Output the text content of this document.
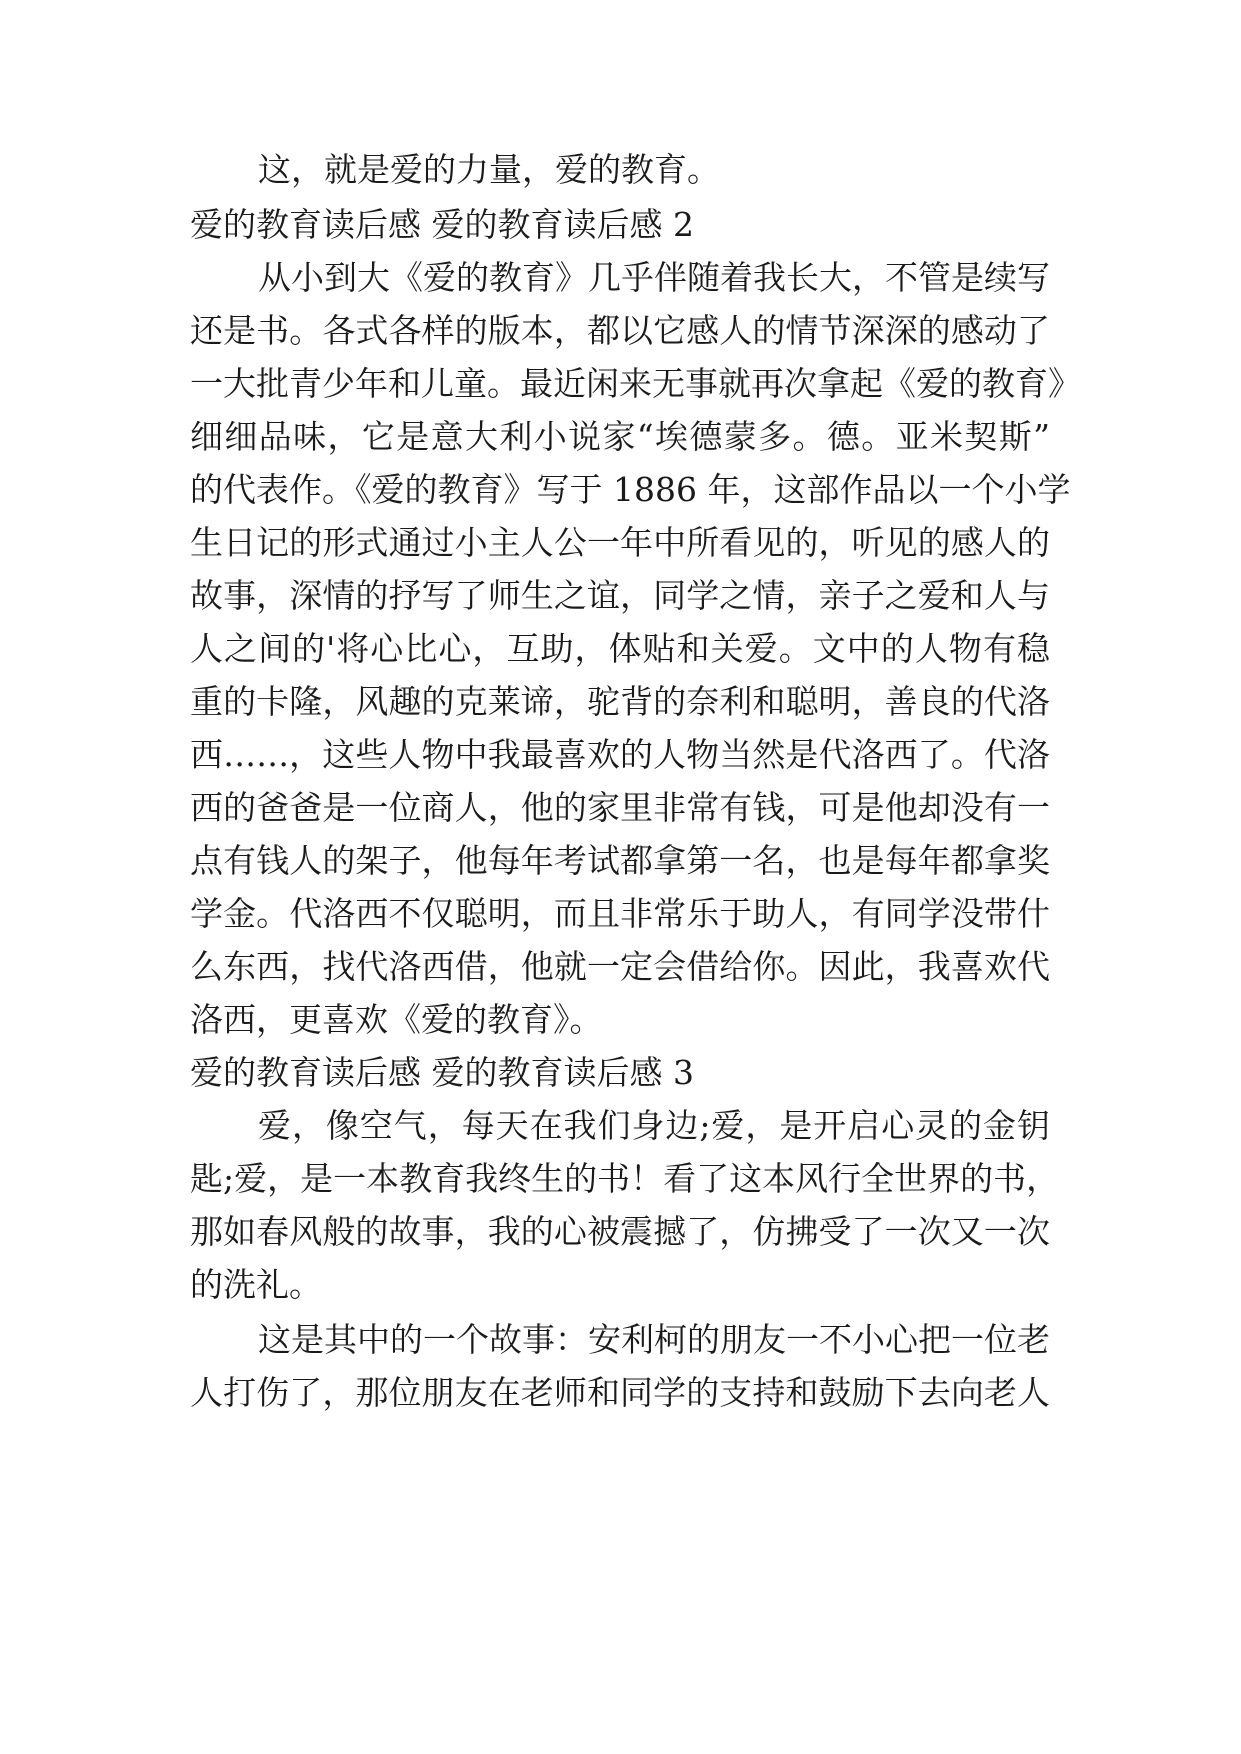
这，就是爱的力量，爱的教育。
爱的教育读后感 爱的教育读后感 2
从小到大《爱的教育》几乎伴随着我长大，不管是续写
还是书。各式各样的版本，都以它感人的情节深深的感动了
一大批青少年和儿童。最近闲来无事就再次拿起《爱的教育》
细细品味，它是意大利小说家“埃德蒙多。德。亚米契斯”
的代表作。《爱的教育》写于 1886 年，这部作品以一个小学
生日记的形式通过小主人公一年中所看见的，听见的感人的
故事，深情的抒写了师生之谊，同学之情，亲子之爱和人与
人之间的'将心比心，互助，体贴和关爱。文中的人物有稳
重的卡隆，风趣的克莱谛，驼背的奈利和聪明，善良的代洛
西……，这些人物中我最喜欢的人物当然是代洛西了。代洛
西的爸爸是一位商人，他的家里非常有钱，可是他却没有一
点有钱人的架子，他每年考试都拿第一名，也是每年都拿奖
学金。代洛西不仅聪明，而且非常乐于助人，有同学没带什
么东西，找代洛西借，他就一定会借给你。因此，我喜欢代
洛西，更喜欢《爱的教育》。
爱的教育读后感 爱的教育读后感 3
爱，像空气，每天在我们身边;爱，是开启心灵的金钥
匙;爱，是一本教育我终生的书！看了这本风行全世界的书，
那如春风般的故事，我的心被震撼了，仿拂受了一次又一次
的洗礼。
这是其中的一个故事：安利柯的朋友一不小心把一位老
人打伤了，那位朋友在老师和同学的支持和鼓励下去向老人
